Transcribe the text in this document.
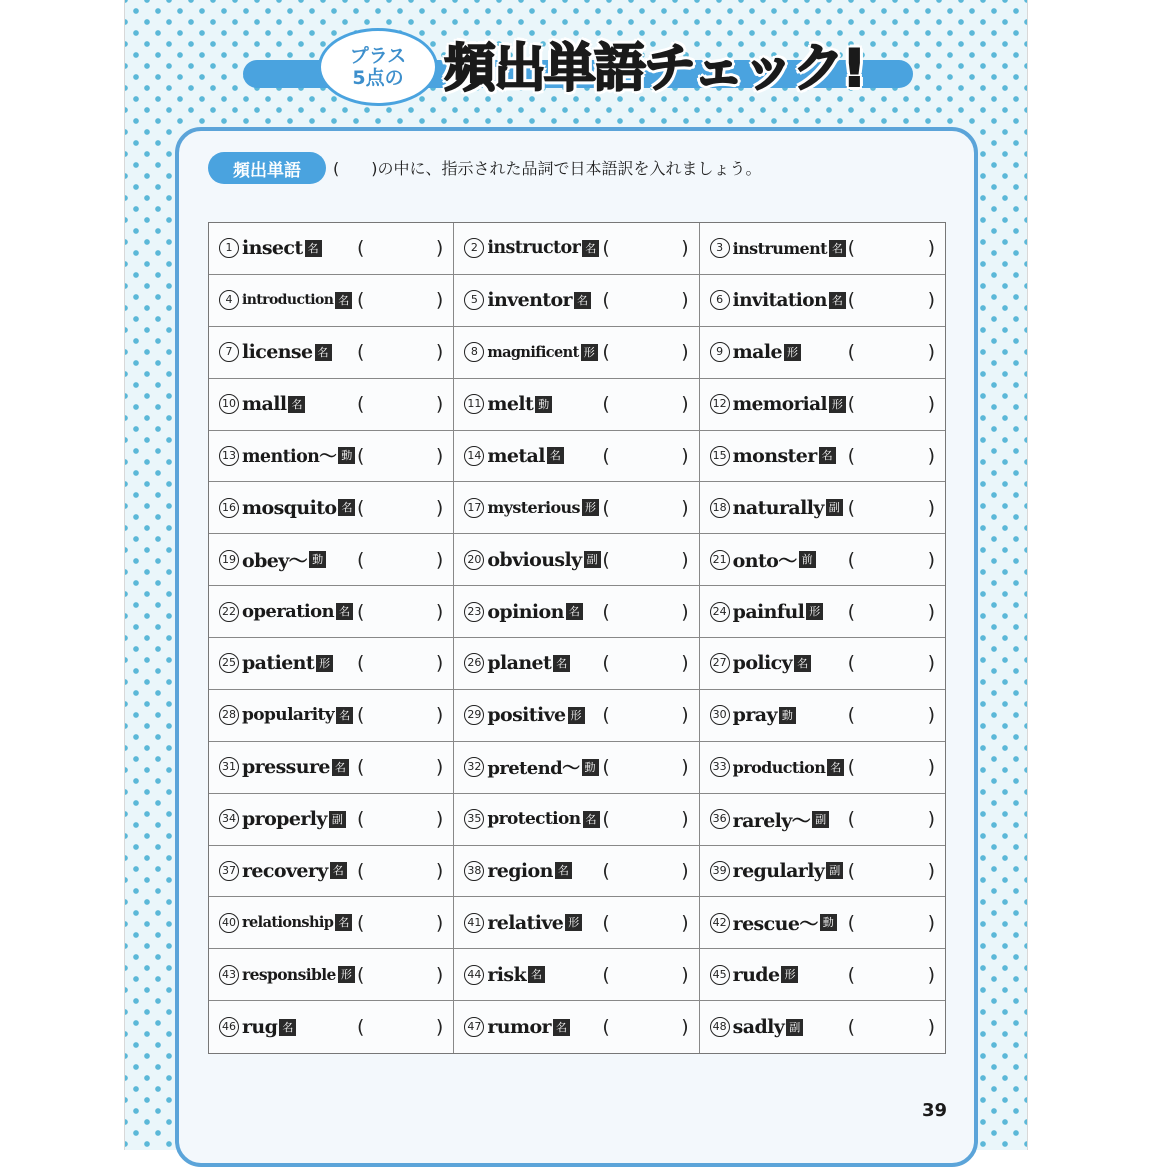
プラス
5点の 頻出単語チェック!
頻出単語	(　　)の中に、指示された品詞で日本語訳を入れましょう。
1 insect 名 (	)	2 instructor 名 (	)	3 instrument 名 (	)
4 introduction 名 (	)	5 inventor 名 (	)	6 invitation 名 (	)
7 license 名 (	)	8 magnificent 形 (	)	9 male 形	(	)
10 mall 名	(	) 11 melt 動	(	) 12 memorial 形 (	)
13 mention～ 動 (	) 14 metal 名 (	) 15 monster 名 (	)
16 mosquito 名 (	) 17 mysterious 形 (	) 18 naturally 副 (	)
19 obey～ 動 (	) 20 obviously 副 (	) 21 onto～ 前 (	)
22 operation 名 (	) 23 opinion 名 (	) 24 painful 形 (	)
25 patient 形 (	) 26 planet 名 (	) 27 policy 名 (	)
28 popularity 名 (	) 29 positive 形 (	) 30 pray 動	(	)
31 pressure 名 (	) 32 pretend～ 動 (	) 33 production 名 (	)
34 properly 副 (	) 35 protection 名 (	) 36 rarely～ 副 (	)
37 recovery 名 (	) 38 region 名 (	) 39 regularly 副 (	)
40 relationship 名 (	) 41 relative 形 (	) 42 rescue～ 動 (	)
43 responsible 形 (	) 44 risk 名	(	) 45 rude 形	(	)
46 rug 名	(	) 47 rumor 名 (	) 48 sadly 副 (	)
39
